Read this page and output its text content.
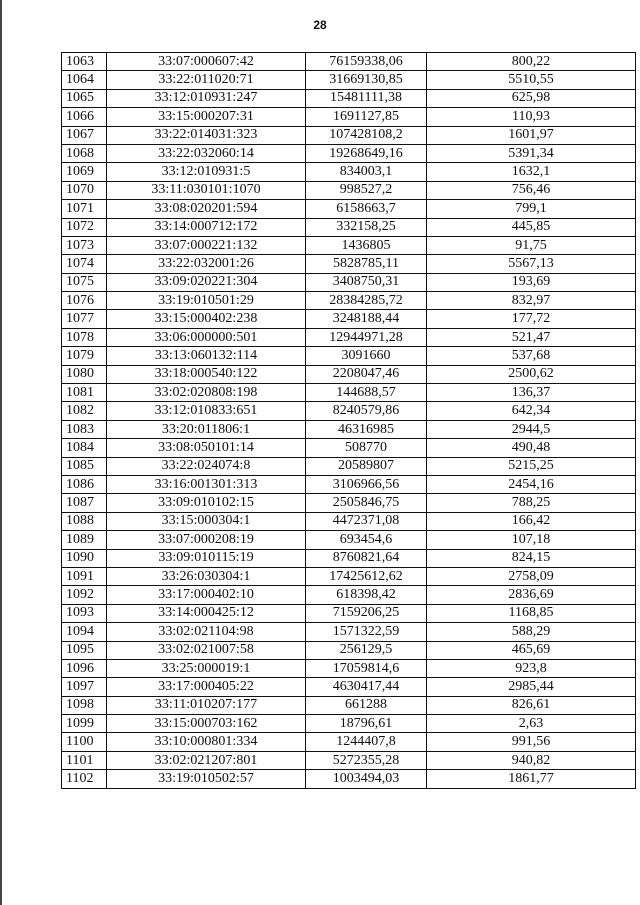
28
1063	33:07:000607:42	76159338,06	800,22
1064	33:22:011020:71	31669130,85	5510,55
1065	33:12:010931:247	15481111,38	625,98
1066	33:15:000207:31	1691127,85	110,93
1067	33:22:014031:323	107428108,2	1601,97
1068	33:22:032060:14	19268649,16	5391,34
1069	33:12:010931:5	834003,1	1632,1
1070	33:11:030101:1070	998527,2	756,46
1071	33:08:020201:594	6158663,7	799,1
1072	33:14:000712:172	332158,25	445,85
1073	33:07:000221:132	1436805	91,75
1074	33:22:032001:26	5828785,11	5567,13
1075	33:09:020221:304	3408750,31	193,69
1076	33:19:010501:29	28384285,72	832,97
1077	33:15:000402:238	3248188,44	177,72
1078	33:06:000000:501	12944971,28	521,47
1079	33:13:060132:114	3091660	537,68
1080	33:18:000540:122	2208047,46	2500,62
1081	33:02:020808:198	144688,57	136,37
1082	33:12:010833:651	8240579,86	642,34
1083	33:20:011806:1	46316985	2944,5
1084	33:08:050101:14	508770	490,48
1085	33:22:024074:8	20589807	5215,25
1086	33:16:001301:313	3106966,56	2454,16
1087	33:09:010102:15	2505846,75	788,25
1088	33:15:000304:1	4472371,08	166,42
1089	33:07:000208:19	693454,6	107,18
1090	33:09:010115:19	8760821,64	824,15
1091	33:26:030304:1	17425612,62	2758,09
1092	33:17:000402:10	618398,42	2836,69
1093	33:14:000425:12	7159206,25	1168,85
1094	33:02:021104:98	1571322,59	588,29
1095	33:02:021007:58	256129,5	465,69
1096	33:25:000019:1	17059814,6	923,8
1097	33:17:000405:22	4630417,44	2985,44
1098	33:11:010207:177	661288	826,61
1099	33:15:000703:162	18796,61	2,63
1100	33:10:000801:334	1244407,8	991,56
1101	33:02:021207:801	5272355,28	940,82
1102	33:19:010502:57	1003494,03	1861,77
